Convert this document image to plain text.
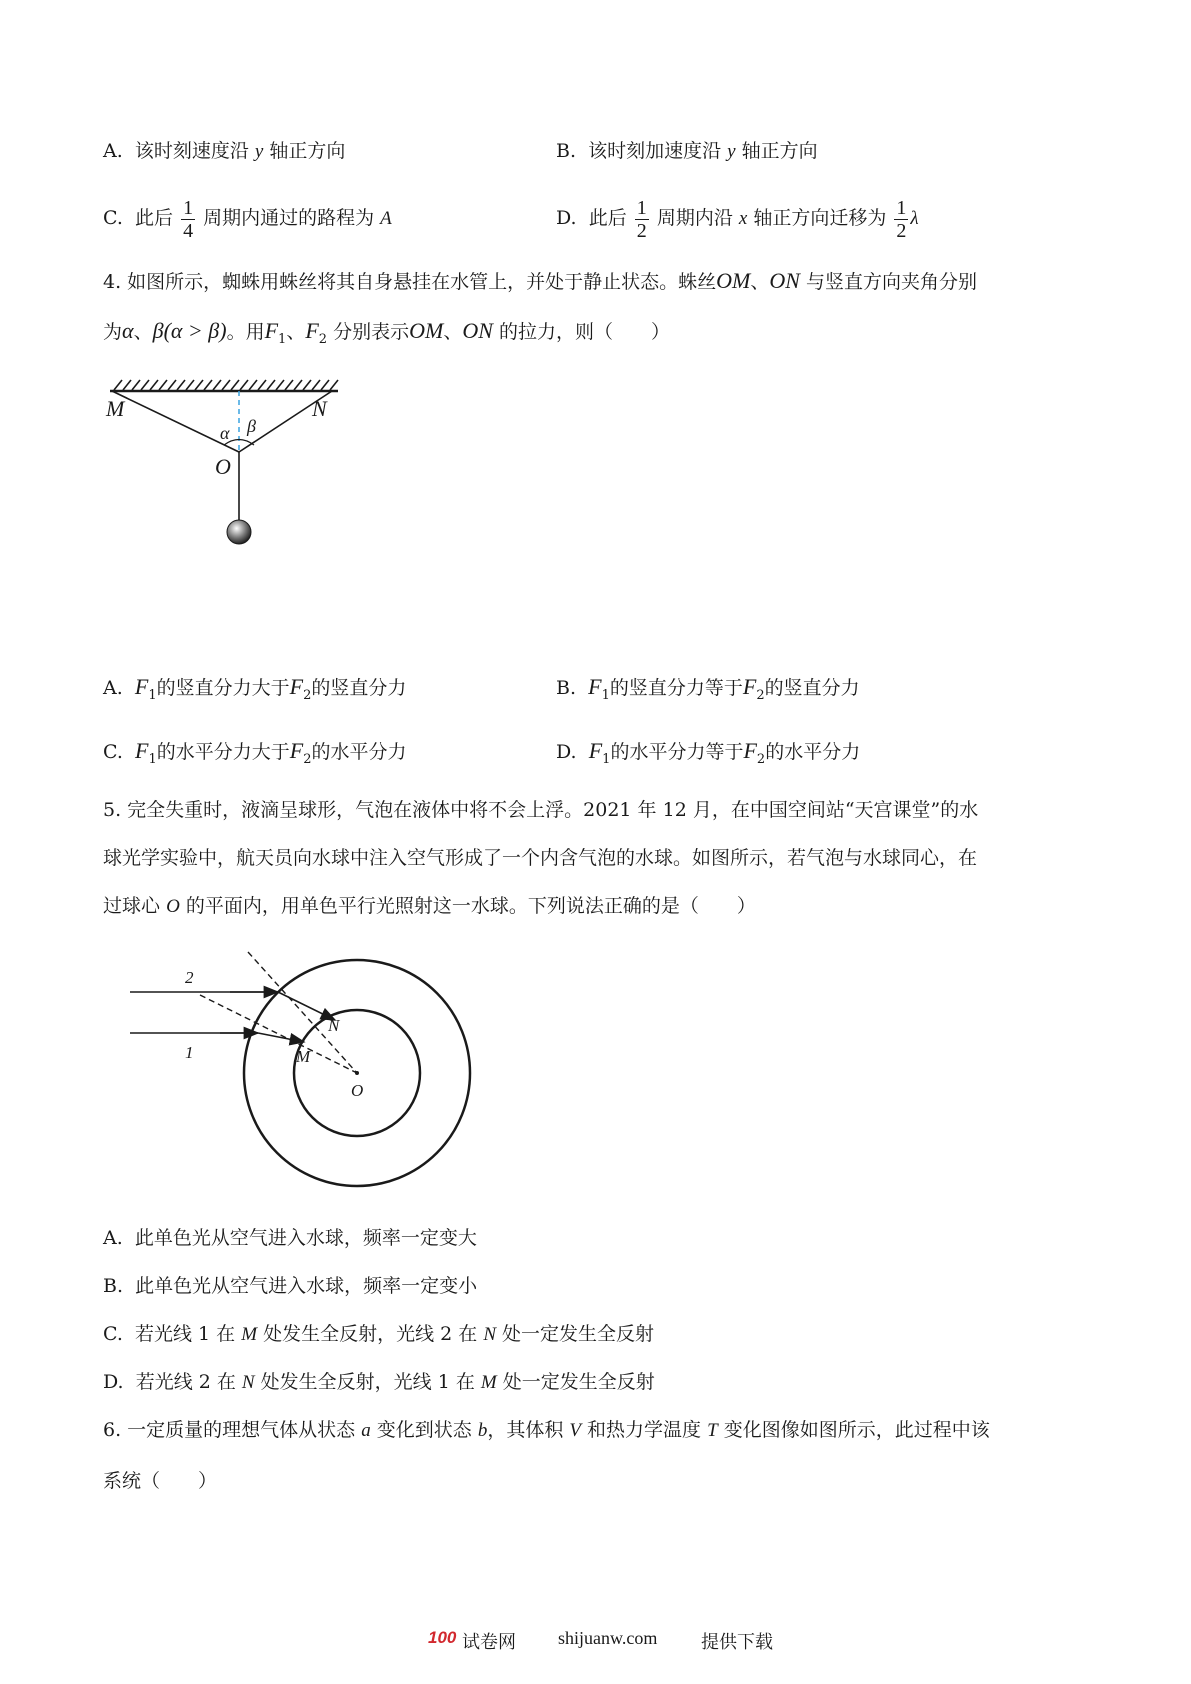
A. 该时刻速度沿 y 轴正方向	B. 该时刻加速度沿 y 轴正方向
C. 此后 $\frac{1}{4}$ 周期内通过的路程为 A	D. 此后 $\frac{1}{2}$ 周期内沿 x 轴正方向迁移为 $\frac{1}{2}$ λ
4. 如图所示，蜘蛛用蛛丝将其自身悬挂在水管上，并处于静止状态。蛛丝OM、ON 与竖直方向夹角分别
为α、β(α > β)。用$F_1$、$F_2$ 分别表示OM、ON 的拉力，则（　　）
M	N
O
α β
A. $F_1$的竖直分力大于$F_2$的竖直分力	B. $F_1$的竖直分力等于$F_2$的竖直分力
C. $F_1$的水平分力大于$F_2$的水平分力	D. $F_1$的水平分力等于$F_2$的水平分力
5. 完全失重时，液滴呈球形，气泡在液体中将不会上浮。2021 年 12 月，在中国空间站“天宫课堂”的水
球光学实验中，航天员向水球中注入空气形成了一个内含气泡的水球。如图所示，若气泡与水球同心，在
过球心 O 的平面内，用单色平行光照射这一水球。下列说法正确的是（　　）
2
1
N
M
O
A. 此单色光从空气进入水球，频率一定变大
B. 此单色光从空气进入水球，频率一定变小
C. 若光线 1 在 M 处发生全反射，光线 2 在 N 处一定发生全反射
D. 若光线 2 在 N 处发生全反射，光线 1 在 M 处一定发生全反射
6. 一定质量的理想气体从状态 a 变化到状态 b，其体积 V 和热力学温度 T 变化图像如图所示，此过程中该
系统（　　）
100 试卷网 shijuanw.com 提供下载
